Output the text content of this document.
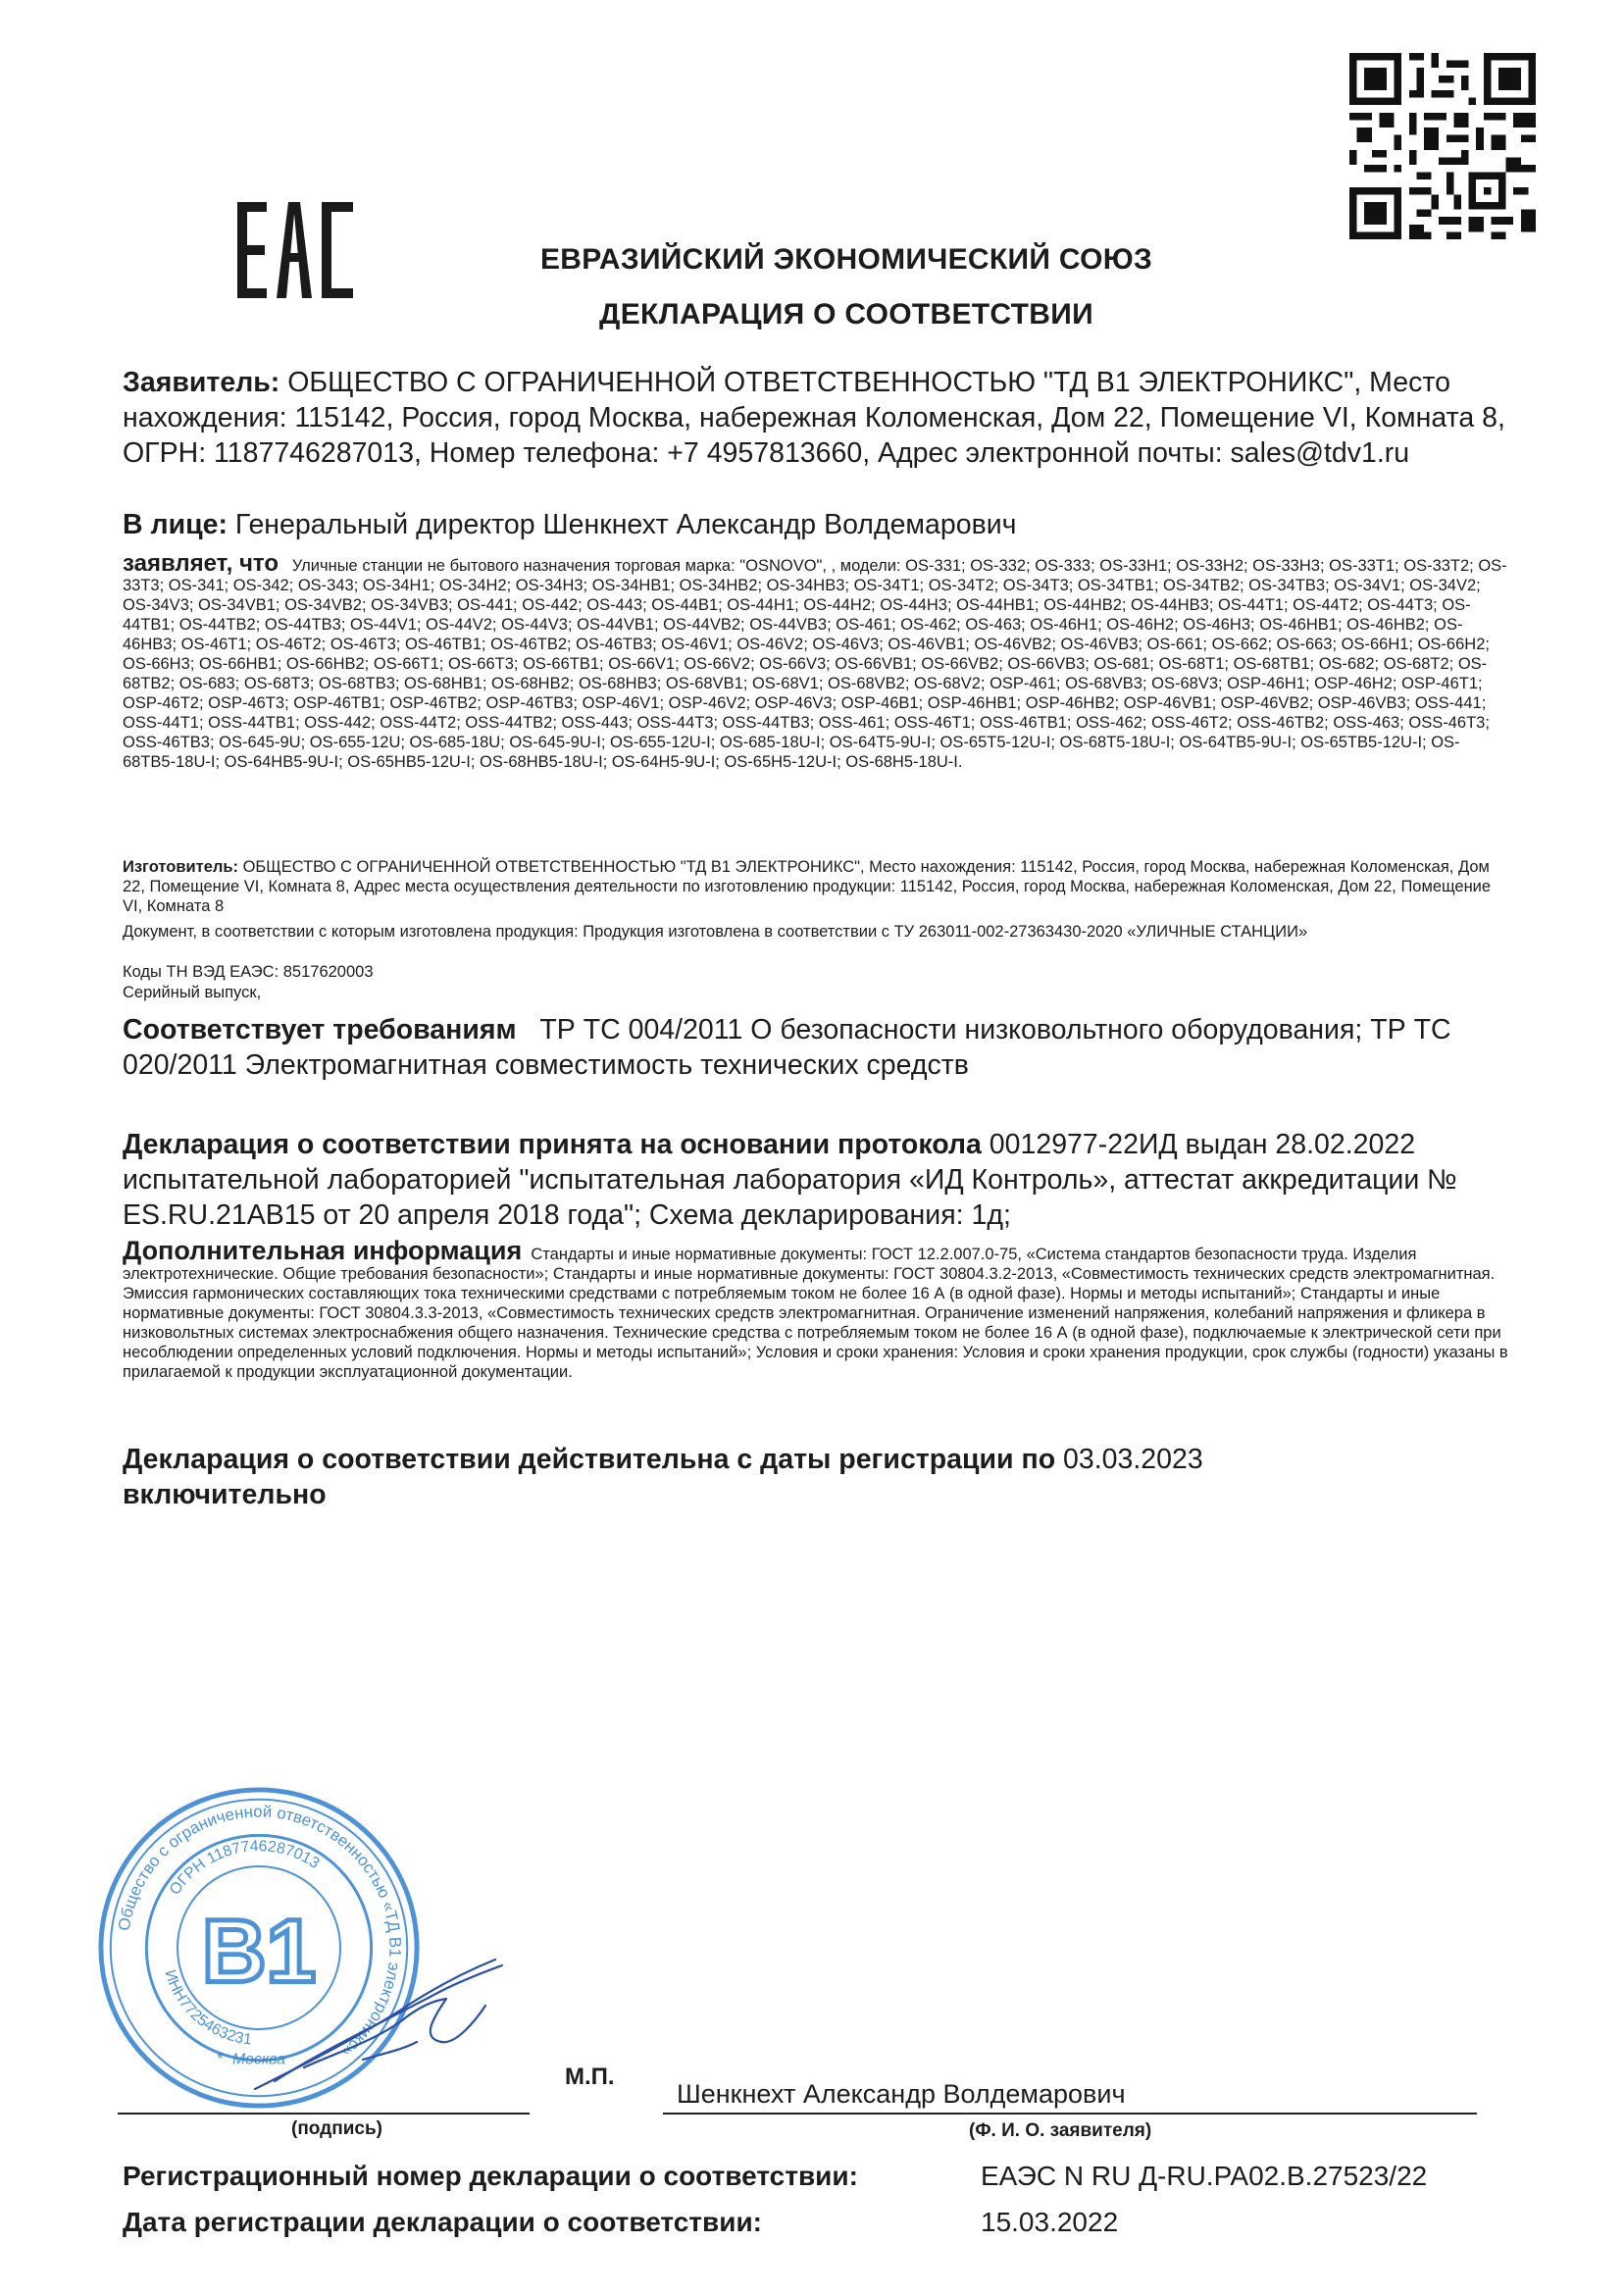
ЕВРАЗИЙСКИЙ ЭКОНОМИЧЕСКИЙ СОЮЗ
ДЕКЛАРАЦИЯ О СООТВЕТСТВИИ
Заявитель: ОБЩЕСТВО С ОГРАНИЧЕННОЙ ОТВЕТСТВЕННОСТЬЮ "ТД В1 ЭЛЕКТРОНИКС", Место нахождения: 115142, Россия, город Москва, набережная Коломенская, Дом 22, Помещение VI, Комната 8, ОГРН: 1187746287013, Номер телефона: +7 4957813660, Адрес электронной почты: sales@tdv1.ru
В лице: Генеральный директор Шенкнехт Александр Волдемарович
заявляет, что Уличные станции не бытового назначения торговая марка: "OSNOVO", , модели: OS-331; OS-332; OS-333; OS-33H1; OS-33H2; OS-33H3; OS-33T1; OS-33T2; OS-33T3; OS-341; OS-342; OS-343; OS-34H1; OS-34H2; OS-34H3; OS-34HB1; OS-34HB2; OS-34HB3; OS-34T1; OS-34T2; OS-34T3; OS-34TB1; OS-34TB2; OS-34TB3; OS-34V1; OS-34V2; OS-34V3; OS-34VB1; OS-34VB2; OS-34VB3; OS-441; OS-442; OS-443; OS-44B1; OS-44H1; OS-44H2; OS-44H3; OS-44HB1; OS-44HB2; OS-44HB3; OS-44T1; OS-44T2; OS-44T3; OS-44TB1; OS-44TB2; OS-44TB3; OS-44V1; OS-44V2; OS-44V3; OS-44VB1; OS-44VB2; OS-44VB3; OS-461; OS-462; OS-463; OS-46H1; OS-46H2; OS-46H3; OS-46HB1; OS-46HB2; OS-46HB3; OS-46T1; OS-46T2; OS-46T3; OS-46TB1; OS-46TB2; OS-46TB3; OS-46V1; OS-46V2; OS-46V3; OS-46VB1; OS-46VB2; OS-46VB3; OS-661; OS-662; OS-663; OS-66H1; OS-66H2; OS-66H3; OS-66HB1; OS-66HB2; OS-66T1; OS-66T3; OS-66TB1; OS-66V1; OS-66V2; OS-66V3; OS-66VB1; OS-66VB2; OS-66VB3; OS-681; OS-68T1; OS-68TB1; OS-682; OS-68T2; OS-68TB2; OS-683; OS-68T3; OS-68TB3; OS-68HB1; OS-68HB2; OS-68HB3; OS-68VB1; OS-68V1; OS-68VB2; OS-68V2; OSP-461; OS-68VB3; OS-68V3; OSP-46H1; OSP-46H2; OSP-46T1; OSP-46T2; OSP-46T3; OSP-46TB1; OSP-46TB2; OSP-46TB3; OSP-46V1; OSP-46V2; OSP-46V3; OSP-46B1; OSP-46HB1; OSP-46HB2; OSP-46VB1; OSP-46VB2; OSP-46VB3; OSS-441; OSS-44T1; OSS-44TB1; OSS-442; OSS-44T2; OSS-44TB2; OSS-443; OSS-44T3; OSS-44TB3; OSS-461; OSS-46T1; OSS-46TB1; OSS-462; OSS-46T2; OSS-46TB2; OSS-463; OSS-46T3; OSS-46TB3; OS-645-9U; OS-655-12U; OS-685-18U; OS-645-9U-I; OS-655-12U-I; OS-685-18U-I; OS-64T5-9U-I; OS-65T5-12U-I; OS-68T5-18U-I; OS-64TB5-9U-I; OS-65TB5-12U-I; OS-68TB5-18U-I; OS-64HB5-9U-I; OS-65HB5-12U-I; OS-68HB5-18U-I; OS-64H5-9U-I; OS-65H5-12U-I; OS-68H5-18U-I.
Изготовитель: ОБЩЕСТВО С ОГРАНИЧЕННОЙ ОТВЕТСТВЕННОСТЬЮ "ТД В1 ЭЛЕКТРОНИКС", Место нахождения: 115142, Россия, город Москва, набережная Коломенская, Дом 22, Помещение VI, Комната 8, Адрес места осуществления деятельности по изготовлению продукции: 115142, Россия, город Москва, набережная Коломенская, Дом 22, Помещение VI, Комната 8
Документ, в соответствии с которым изготовлена продукция: Продукция изготовлена в соответствии с ТУ 263011-002-27363430-2020 «УЛИЧНЫЕ СТАНЦИИ»
Коды ТН ВЭД ЕАЭС: 8517620003
Серийный выпуск,
Соответствует требованиям ТР ТС 004/2011 О безопасности низковольтного оборудования; ТР ТС 020/2011 Электромагнитная совместимость технических средств
Декларация о соответствии принята на основании протокола 0012977-22ИД выдан 28.02.2022 испытательной лабораторией "испытательная лаборатория «ИД Контроль», аттестат аккредитации № ES.RU.21AB15 от 20 апреля 2018 года"; Схема декларирования: 1д;
Дополнительная информация Стандарты и иные нормативные документы: ГОСТ 12.2.007.0-75, «Система стандартов безопасности труда. Изделия электротехнические. Общие требования безопасности»; Стандарты и иные нормативные документы: ГОСТ 30804.3.2-2013, «Совместимость технических средств электромагнитная. Эмиссия гармонических составляющих тока техническими средствами с потребляемым током не более 16 А (в одной фазе). Нормы и методы испытаний»; Стандарты и иные нормативные документы: ГОСТ 30804.3.3-2013, «Совместимость технических средств электромагнитная. Ограничение изменений напряжения, колебаний напряжения и фликера в низковольтных системах электроснабжения общего назначения. Технические средства с потребляемым током не более 16 А (в одной фазе), подключаемые к электрической сети при несоблюдении определенных условий подключения. Нормы и методы испытаний»; Условия и сроки хранения: Условия и сроки хранения продукции, срок службы (годности) указаны в прилагаемой к продукции эксплуатационной документации.
Декларация о соответствии действительна с даты регистрации по 03.03.2023
включительно
Общество с ограниченной ответственностью «ТД В1 электроникс»
ОГРН 1187746287013
ИНН7725463231
Москва
*
B1
М.П.
(подпись)
Шенкнехт Александр Волдемарович
(Ф. И. О. заявителя)
Регистрационный номер декларации о соответствии:	ЕАЭС N RU Д-RU.РА02.В.27523/22
Дата регистрации декларации о соответствии:	15.03.2022
